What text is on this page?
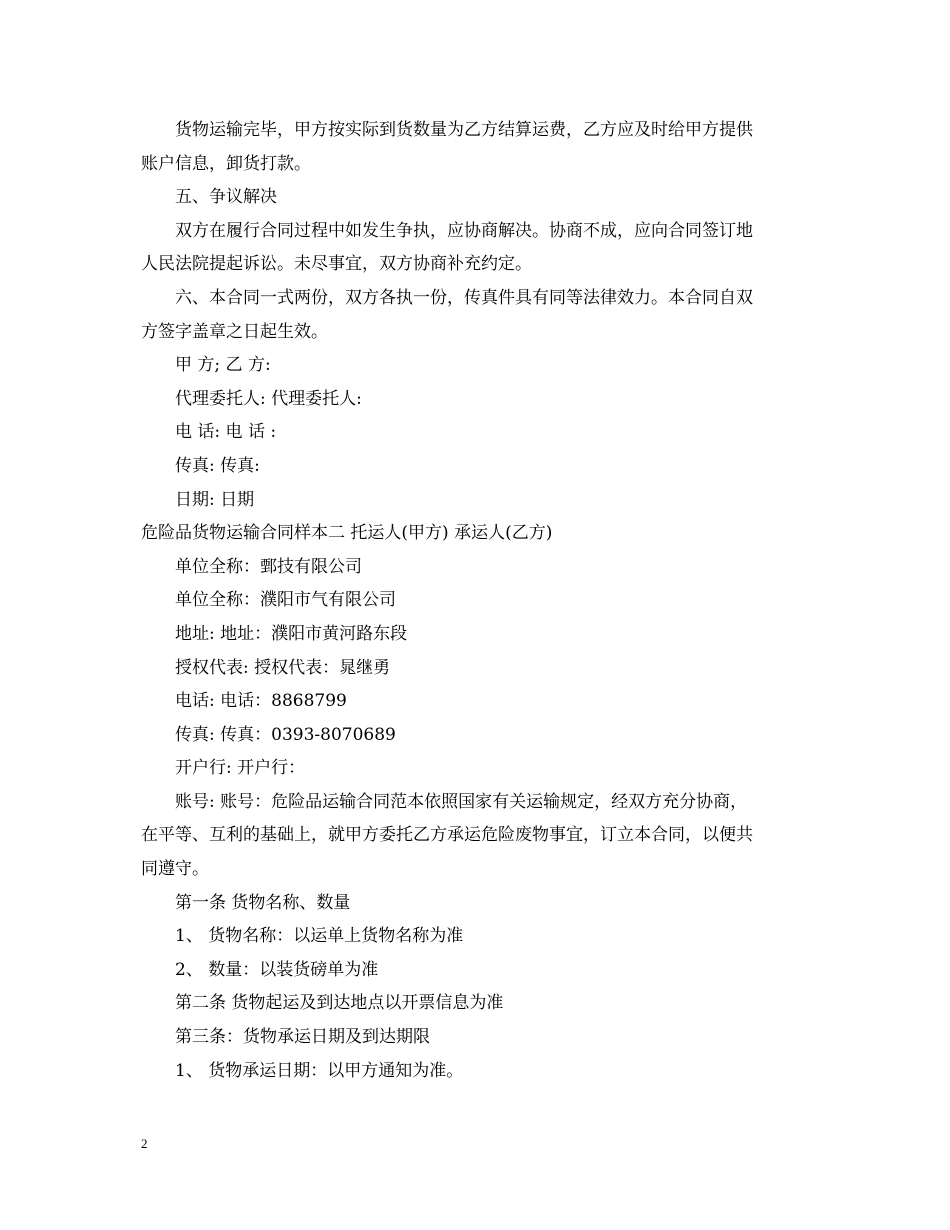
货物运输完毕，甲方按实际到货数量为乙方结算运费，乙方应及时给甲方提供
账户信息，卸货打款。
五、争议解决
双方在履行合同过程中如发生争执，应协商解决。协商不成，应向合同签订地
人民法院提起诉讼。未尽事宜，双方协商补充约定。
六、本合同一式两份，双方各执一份，传真件具有同等法律效力。本合同自双
方签字盖章之日起生效。
甲 方; 乙 方:
代理委托人: 代理委托人:
电 话: 电 话 :
传真: 传真:
日期: 日期
危险品货物运输合同样本二 托运人(甲方) 承运人(乙方)
单位全称：鄄技有限公司
单位全称：濮阳市气有限公司
地址: 地址：濮阳市黄河路东段
授权代表: 授权代表：晁继勇
电话: 电话：8868799
传真: 传真：0393-8070689
开户行: 开户行：
账号: 账号：危险品运输合同范本依照国家有关运输规定，经双方充分协商，
在平等、互利的基础上，就甲方委托乙方承运危险废物事宜，订立本合同，以便共
同遵守。
第一条 货物名称、数量
1、 货物名称：以运单上货物名称为准
2、 数量：以装货磅单为准
第二条 货物起运及到达地点以开票信息为准
第三条：货物承运日期及到达期限
1、 货物承运日期：以甲方通知为准。
2
